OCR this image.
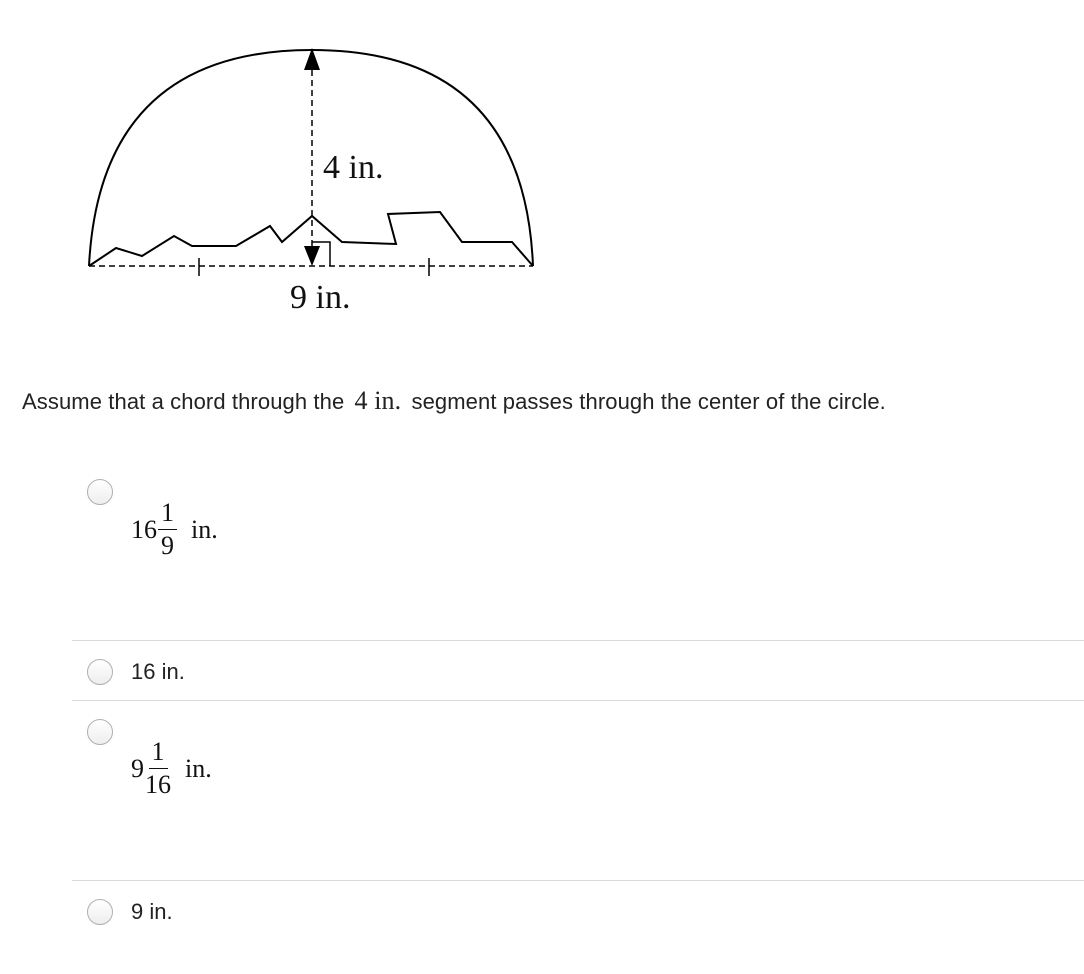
4 in.
9 in.
Assume that a chord through the 4 in. segment passes through the center of the circle.
$16 \frac{1}{9}$ in.
16 in.
$9 \frac{1}{16}$ in.
9 in.
